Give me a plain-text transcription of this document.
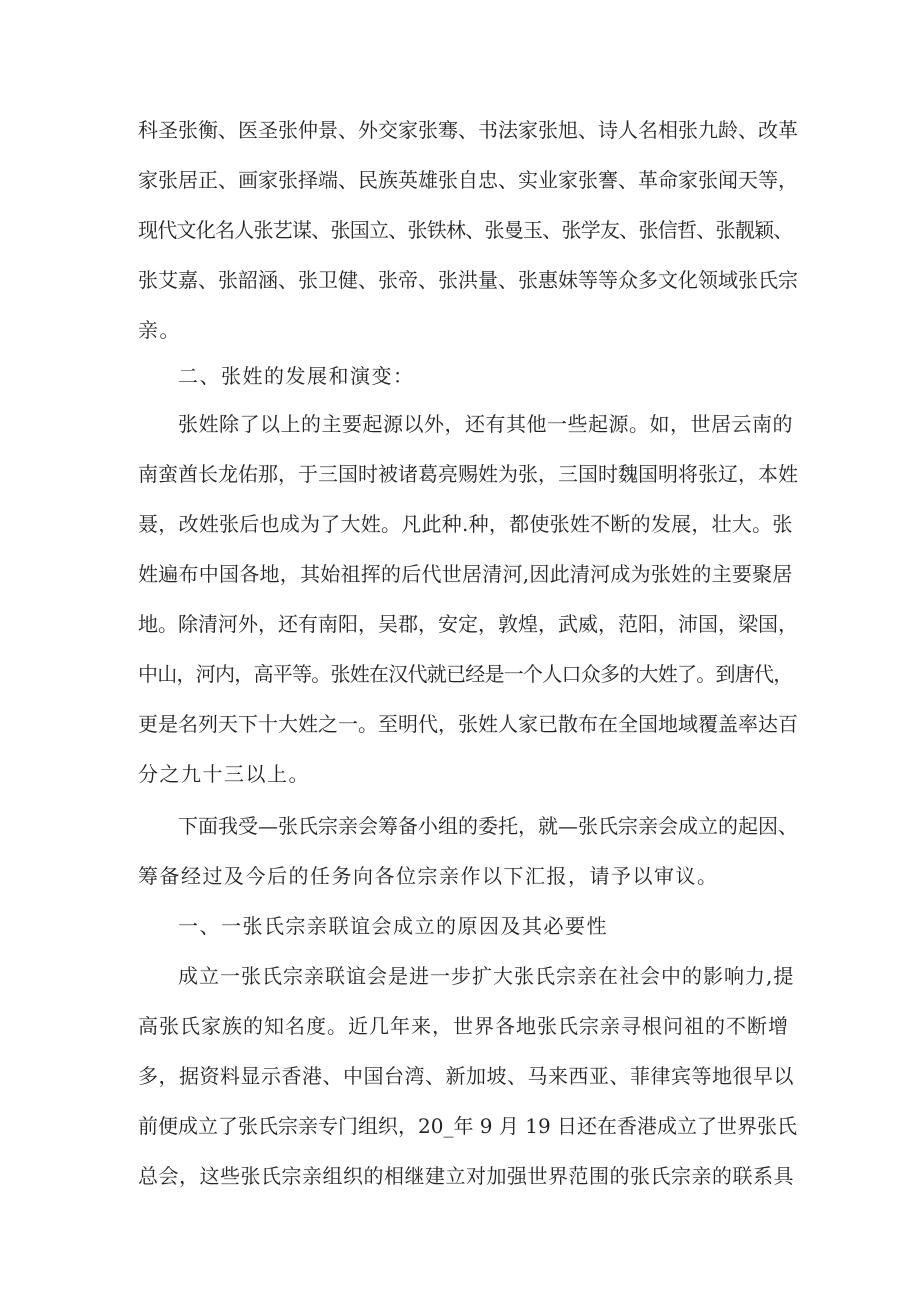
科圣张衡、医圣张仲景、外交家张骞、书法家张旭、诗人名相张九龄、改革
家张居正、画家张择端、民族英雄张自忠、实业家张謇、革命家张闻天等，
现代文化名人张艺谋、张国立、张铁林、张曼玉、张学友、张信哲、张靓颖、
张艾嘉、张韶涵、张卫健、张帝、张洪量、张惠妹等等众多文化领域张氏宗
亲。
二、张姓的发展和演变：
张姓除了以上的主要起源以外，还有其他一些起源。如，世居云南的
南蛮酋长龙佑那，于三国时被诸葛亮赐姓为张，三国时魏国明将张辽，本姓
聂，改姓张后也成为了大姓。凡此种.种，都使张姓不断的发展，壮大。张
姓遍布中国各地，其始祖挥的后代世居清河,因此清河成为张姓的主要聚居
地。除清河外，还有南阳，吴郡，安定，敦煌，武威，范阳，沛国，梁国，
中山，河内，高平等。张姓在汉代就已经是一个人口众多的大姓了。到唐代，
更是名列天下十大姓之一。至明代，张姓人家已散布在全国地域覆盖率达百
分之九十三以上。
下面我受—张氏宗亲会筹备小组的委托，就—张氏宗亲会成立的起因、
筹备经过及今后的任务向各位宗亲作以下汇报，请予以审议。
一、一张氏宗亲联谊会成立的原因及其必要性
成立一张氏宗亲联谊会是进一步扩大张氏宗亲在社会中的影响力,提
高张氏家族的知名度。近几年来，世界各地张氏宗亲寻根问祖的不断增
多，据资料显示香港、中国台湾、新加坡、马来西亚、菲律宾等地很早以
前便成立了张氏宗亲专门组织，20_年 9 月 19 日还在香港成立了世界张氏
总会，这些张氏宗亲组织的相继建立对加强世界范围的张氏宗亲的联系具
